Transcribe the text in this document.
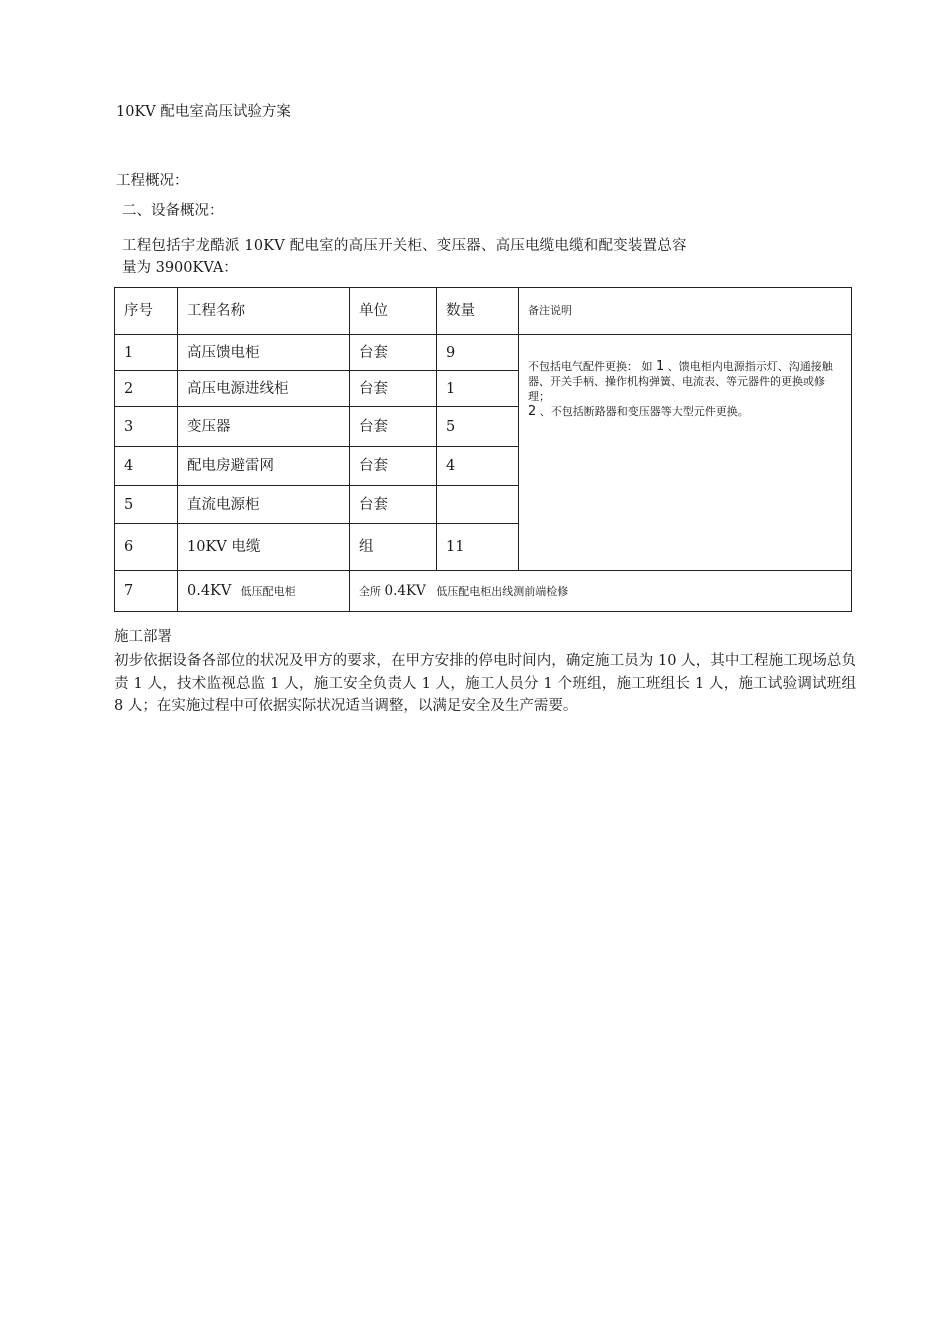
10KV 配电室高压试验方案
工程概况：
二、设备概况：
工程包括宇龙酷派 10KV 配电室的高压开关柜、变压器、高压电缆电缆和配变装置总容
量为 3900KVA：
序号	工程名称	单位	数量	备注说明
1	高压馈电柜	台套	9	不包括电气配件更换： 如 1 、馈电柜内电源指示灯、沟通接触器、开关手柄、操作机构弹簧、电流表、等元器件的更换或修理；
2 、不包括断路器和变压器等大型元件更换。
2	高压电源进线柜	台套	1	
3	变压器	台套	5	
4	配电房避雷网	台套	4	
5	直流电源柜	台套		
6	10KV 电缆	组	11	
7	0.4KV 低压配电柜	全所 0.4KV 低压配电柜出线测前端检修		
施工部署
初步依据设备各部位的状况及甲方的要求，在甲方安排的停电时间内，确定施工员为 10 人，其中工程施工现场总负责 1 人，技术监视总监 1 人，施工安全负责人 1 人，施工人员分 1 个班组，施工班组长 1 人，施工试验调试班组 8 人；在实施过程中可依据实际状况适当调整，以满足安全及生产需要。
